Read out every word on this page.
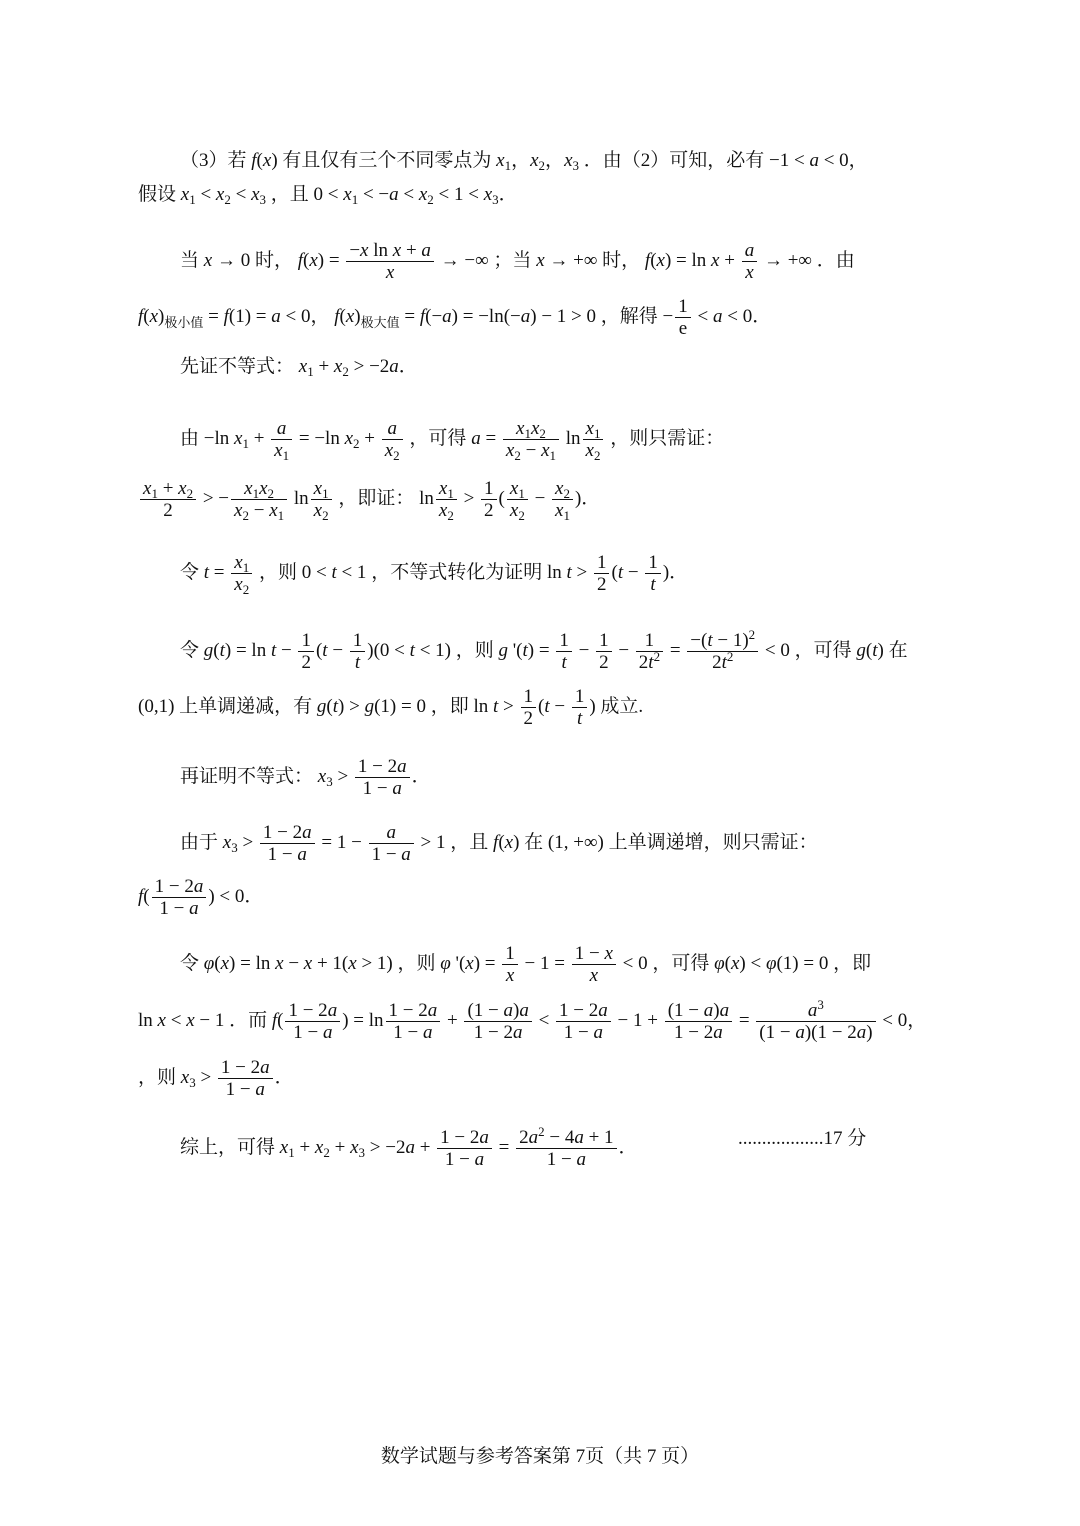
（3）若 f(x) 有且仅有三个不同零点为 $x_1$，$x_2$，$x_3$ ．由（2）可知，必有 −1 < a < 0，
假设 $x_1 < x_2 < x_3$ ，且 $0 < x_1 < -a < x_2 < 1 < x_3$．
当 x → 0 时， $f(x) = \frac{\text{−x ln x + a}}{x}$ → −∞ ；当 x → +∞ 时， $f(x) = \ln x + \frac{a}{x}$ → +∞ ．由
$f(x)_{极小值} = f(1) = a < 0$， $f(x)_{极大值} = f(-a) = -\ln(-a) - 1 > 0$ ，解得 − $\frac{1}{e} < a < 0$．
先证不等式： $x_1 + x_2 > -2a$．
由 −ln $x_1 + \frac{a}{x_1} = -\ln$ $x_2 + \frac{a}{x_2}$ ，可得 $a = \frac{x_1x_2}{x_2 - x_1}$ $\ln \frac{x_1}{x_2}$ ，则只需证：
$\frac{x_1 + x_2}{2}$ > − $\frac{x_1x_2}{x_2 - x_1}$ $\ln \frac{x_1}{x_2}$ ，即证： $\ln \frac{x_1}{x_2} > \frac{1}{2}$ ( $\frac{x_1}{x_2} - \frac{x_2}{x_1}$ )．
令 $t = \frac{x_1}{x_2}$ ，则 0 < t < 1 ，不等式转化为证明 $\ln t > \frac{1}{2} (t - \frac{1}{t}$ )．
令 $g(t) = \ln t - \frac{1}{2} (t - \frac{1}{t} )(0 < t < 1)$ ，则 g '$(t) = \frac{1}{t} - \frac{1}{2} - \frac{1}{2t^2} = \frac{-(t - 1)^2}{2t^2} < 0$ ，可得 g(t) 在
(0,1) 上单调递减，有 g(t) > g(1) = 0 ，即 $\ln t > \frac{1}{2} (t - \frac{1}{t}$ ) 成立.
再证明不等式： $x_3 > \frac{1 - 2a}{1 - a}$ ．
由于 $x_3 > \frac{1 - 2a}{1 - a} = 1 - \frac{a}{1 - a} > 1$ ，且 f(x) 在 (1, +∞) 上单调递增，则只需证：
$f( \frac{1 - 2a}{1 - a}$ ) < 0．
令 φ(x) = ln x − x + 1(x > 1) ，则 φ '$(x) = \frac{1}{x} - 1 = \frac{1 - x}{x} < 0$ ，可得 φ(x) < φ(1) = 0 ，即
ln x < x − 1 ．而 $f( \frac{1 - 2a}{1 - a}$ ) = $\ln \frac{1 - 2a}{1 - a} + \frac{(1 - a)a}{1 - 2a} < \frac{1 - 2a}{1 - a} - 1 + \frac{(1 - a)a}{1 - 2a} = \frac{a^3}{(1 - a)(1 - 2a)} < 0$，
，则 $x_3 > \frac{1 - 2a}{1 - a}$ ．
综上，可得 $x_1 + x_2 + x_3 > -2a + \frac{1 - 2a}{1 - a} = \frac{2a^2 - 4a + 1}{1 - a}$ ．	..................17 分
数学试题与参考答案第 7页（共 7 页）
